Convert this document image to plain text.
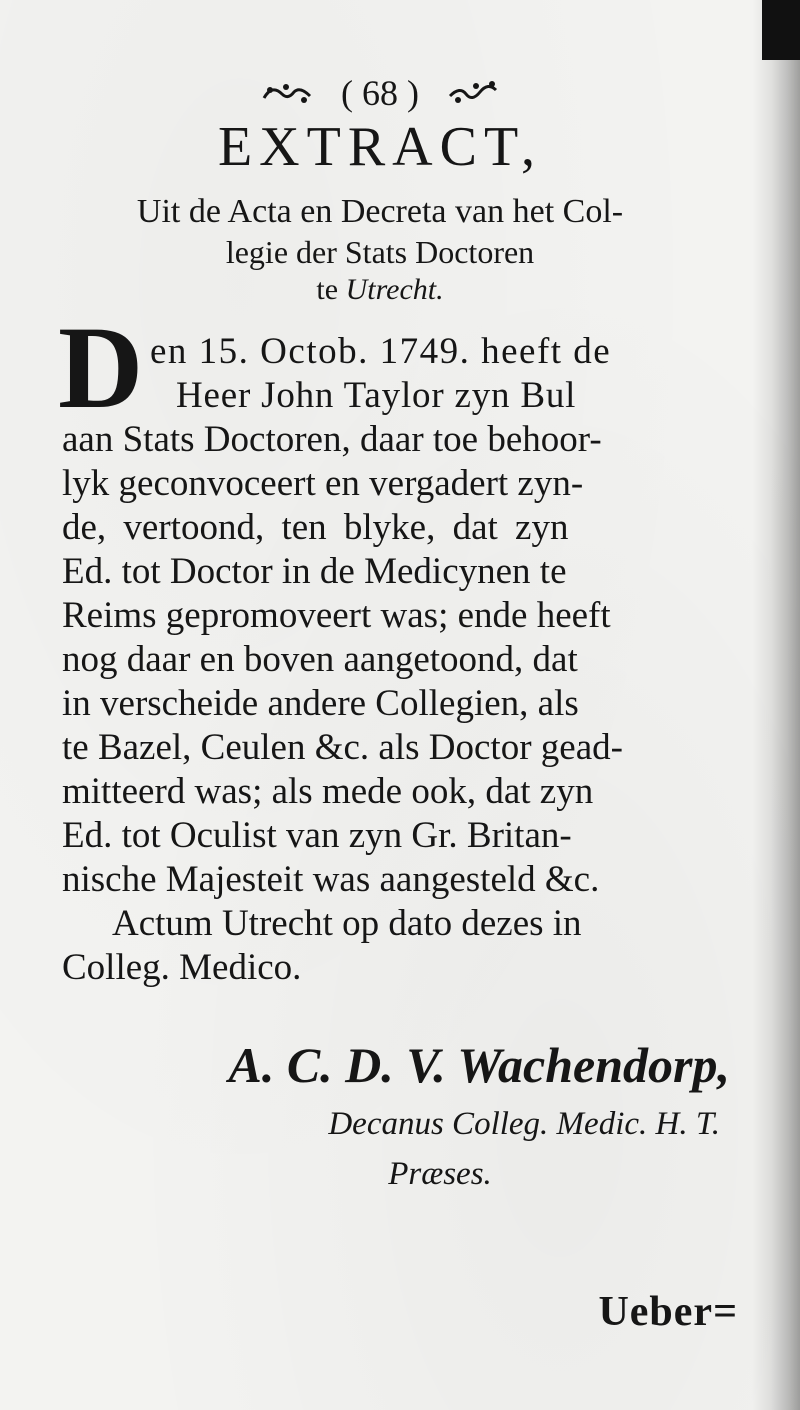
( 68 )
EXTRACT,
Uit de Acta en Decreta van het Col-
legie der Stats Doctoren
te Utrecht.
D en 15. Octob. 1749. heeft de
Heer John Taylor zyn Bul
aan Stats Doctoren, daar toe behoor-
lyk geconvoceert en vergadert zyn-
de, vertoond, ten blyke, dat zyn
Ed. tot Doctor in de Medicynen te
Reims gepromoveert was; ende heeft
nog daar en boven aangetoond, dat
in verscheide andere Collegien, als
te Bazel, Ceulen &c. als Doctor gead-
mitteerd was; als mede ook, dat zyn
Ed. tot Oculist van zyn Gr. Britan-
nische Majesteit was aangesteld &c.
Actum Utrecht op dato dezes in
Colleg. Medico.
A. C. D. V. Wachendorp,
Decanus Colleg. Medic. H. T.
Præses.
Ueber=
